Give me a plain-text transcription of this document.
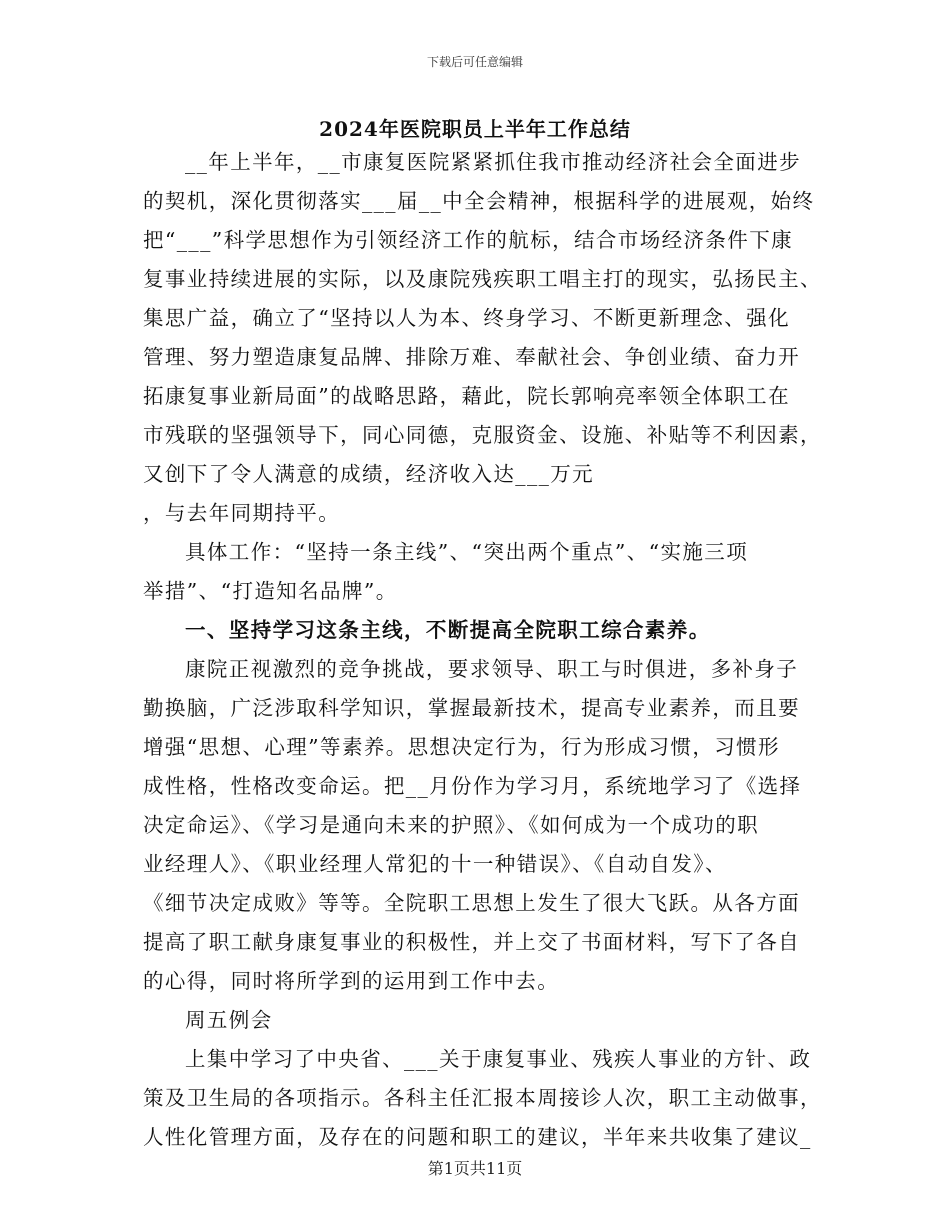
下载后可任意编辑
2024年医院职员上半年工作总结
__年上半年，__市康复医院紧紧抓住我市推动经济社会全面进步
的契机，深化贯彻落实___届__中全会精神，根据科学的进展观，始终
把“___”科学思想作为引领经济工作的航标，结合市场经济条件下康
复事业持续进展的实际，以及康院残疾职工唱主打的现实，弘扬民主、
集思广益，确立了“坚持以人为本、终身学习、不断更新理念、强化
管理、努力塑造康复品牌、排除万难、奉献社会、争创业绩、奋力开
拓康复事业新局面”的战略思路，藉此，院长郭响亮率领全体职工在
市残联的坚强领导下，同心同德，克服资金、设施、补贴等不利因素，
又创下了令人满意的成绩，经济收入达___万元
，与去年同期持平。
具体工作：“坚持一条主线”、“突出两个重点”、“实施三项
举措”、“打造知名品牌”。
一、坚持学习这条主线，不断提高全院职工综合素养。
康院正视激烈的竞争挑战，要求领导、职工与时俱进，多补身子
勤换脑，广泛涉取科学知识，掌握最新技术，提高专业素养，而且要
增强“思想、心理”等素养。思想决定行为，行为形成习惯，习惯形
成性格，性格改变命运。把__月份作为学习月，系统地学习了《选择
决定命运》、《学习是通向未来的护照》、《如何成为一个成功的职
业经理人》、《职业经理人常犯的十一种错误》、《自动自发》、
《细节决定成败》等等。全院职工思想上发生了很大飞跃。从各方面
提高了职工献身康复事业的积极性，并上交了书面材料，写下了各自
的心得，同时将所学到的运用到工作中去。
周五例会
上集中学习了中央省、___关于康复事业、残疾人事业的方针、政
策及卫生局的各项指示。各科主任汇报本周接诊人次，职工主动做事，
人性化管理方面，及存在的问题和职工的建议，半年来共收集了建议_
第1页共11页
